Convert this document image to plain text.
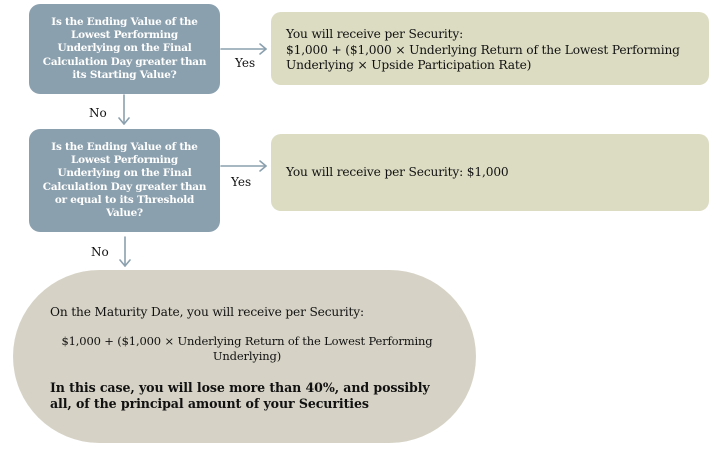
Is the Ending Value of the Lowest Performing Underlying on the Final Calculation Day greater than its Starting Value?
You will receive per Security:
$1,000 + ($1,000 × Underlying Return of the Lowest Performing Underlying × Upside Participation Rate)
Yes
No
Is the Ending Value of the Lowest Performing Underlying on the Final Calculation Day greater than or equal to its Threshold Value?
You will receive per Security: $1,000
Yes
No
On the Maturity Date, you will receive per Security:
$1,000 + ($1,000 × Underlying Return of the Lowest Performing Underlying)
In this case, you will lose more than 40%, and possibly all, of the principal amount of your Securities
